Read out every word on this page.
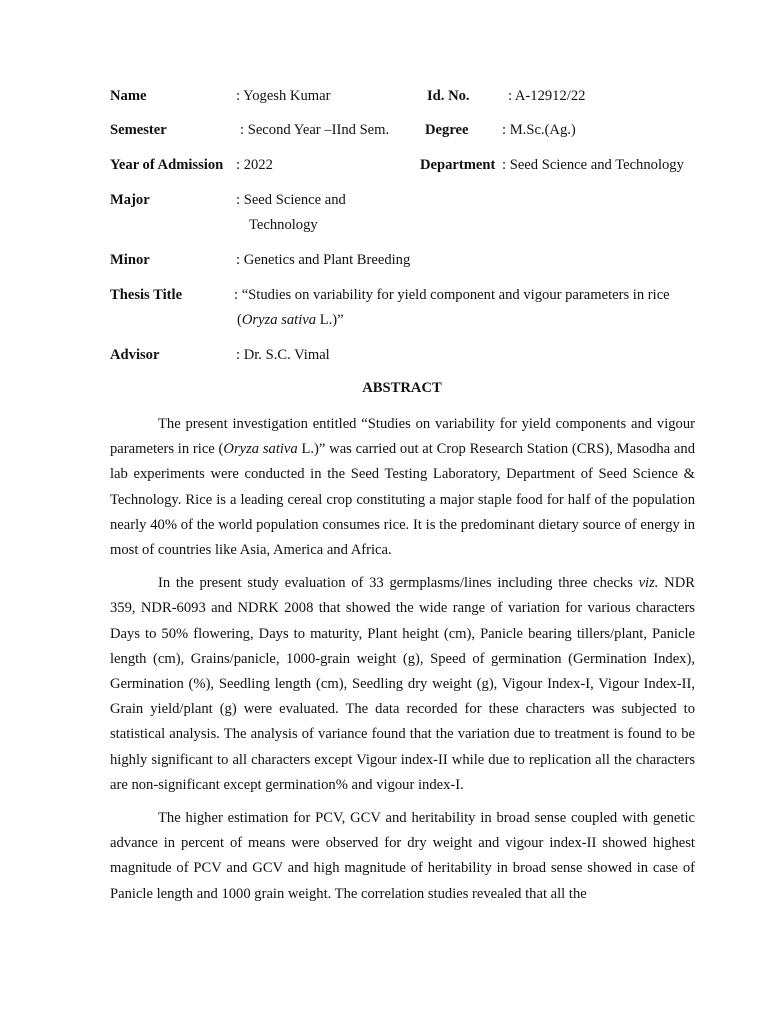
Name	: Yogesh Kumar	Id. No.	: A-12912/22
Semester	: Second Year –IInd Sem. Degree : M.Sc.(Ag.)
Year of Admission : 2022	Department : Seed Science and Technology
Major	: Seed Science and
Technology
Minor	: Genetics and Plant Breeding
Thesis Title	: “Studies on variability for yield component and vigour parameters in rice
(Oryza sativa L.)”
Advisor	: Dr. S.C. Vimal
ABSTRACT

The present investigation entitled “Studies on variability for yield components and vigour parameters in rice (Oryza sativa L.)” was carried out at Crop Research Station (CRS), Masodha and lab experiments were conducted in the Seed Testing Laboratory, Department of Seed Science & Technology. Rice is a leading cereal crop constituting a major staple food for half of the population nearly 40% of the world population consumes rice. It is the predominant dietary source of energy in most of countries like Asia, America and Africa.

In the present study evaluation of 33 germplasms/lines including three checks viz. NDR 359, NDR-6093 and NDRK 2008 that showed the wide range of variation for various characters Days to 50% flowering, Days to maturity, Plant height (cm), Panicle bearing tillers/plant, Panicle length (cm), Grains/panicle, 1000-grain weight (g), Speed of germination (Germination Index), Germination (%), Seedling length (cm), Seedling dry weight (g), Vigour Index-I, Vigour Index-II, Grain yield/plant (g) were evaluated. The data recorded for these characters was subjected to statistical analysis. The analysis of variance found that the variation due to treatment is found to be highly significant to all characters except Vigour index-II while due to replication all the characters are non-significant except germination% and vigour index-I.

The higher estimation for PCV, GCV and heritability in broad sense coupled with genetic advance in percent of means were observed for dry weight and vigour index-II showed highest magnitude of PCV and GCV and high magnitude of heritability in broad sense showed in case of Panicle length and 1000 grain weight. The correlation studies revealed that all the
